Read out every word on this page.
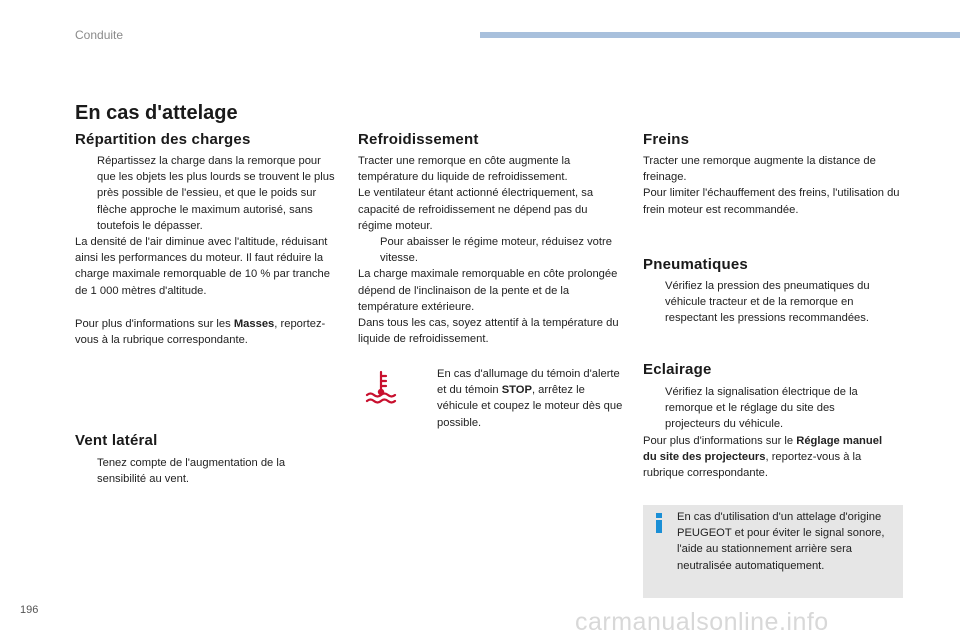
Conduite
En cas d'attelage
Répartition des charges

Répartissez la charge dans la remorque pour que les objets les plus lourds se trouvent le plus près possible de l'essieu, et que le poids sur flèche approche le maximum autorisé, sans toutefois le dépasser.

La densité de l'air diminue avec l'altitude, réduisant ainsi les performances du moteur. Il faut réduire la charge maximale remorquable de 10 % par tranche de 1 000 mètres d'altitude.

Pour plus d'informations sur les Masses, reportez-vous à la rubrique correspondante.

Vent latéral

Tenez compte de l'augmentation de la sensibilité au vent.

Refroidissement

Tracter une remorque en côte augmente la température du liquide de refroidissement.

Le ventilateur étant actionné électriquement, sa capacité de refroidissement ne dépend pas du régime moteur.

Pour abaisser le régime moteur, réduisez votre vitesse.

La charge maximale remorquable en côte prolongée dépend de l'inclinaison de la pente et de la température extérieure.

Dans tous les cas, soyez attentif à la température du liquide de refroidissement.

En cas d'allumage du témoin d'alerte et du témoin STOP, arrêtez le véhicule et coupez le moteur dès que possible.

Freins

Tracter une remorque augmente la distance de freinage.

Pour limiter l'échauffement des freins, l'utilisation du frein moteur est recommandée.

Pneumatiques

Vérifiez la pression des pneumatiques du véhicule tracteur et de la remorque en respectant les pressions recommandées.

Eclairage

Vérifiez la signalisation électrique de la remorque et le réglage du site des projecteurs du véhicule.

Pour plus d'informations sur le Réglage manuel du site des projecteurs, reportez-vous à la rubrique correspondante.

En cas d'utilisation d'un attelage d'origine PEUGEOT et pour éviter le signal sonore, l'aide au stationnement arrière sera neutralisée automatiquement.
196	carmanualsonline.info
